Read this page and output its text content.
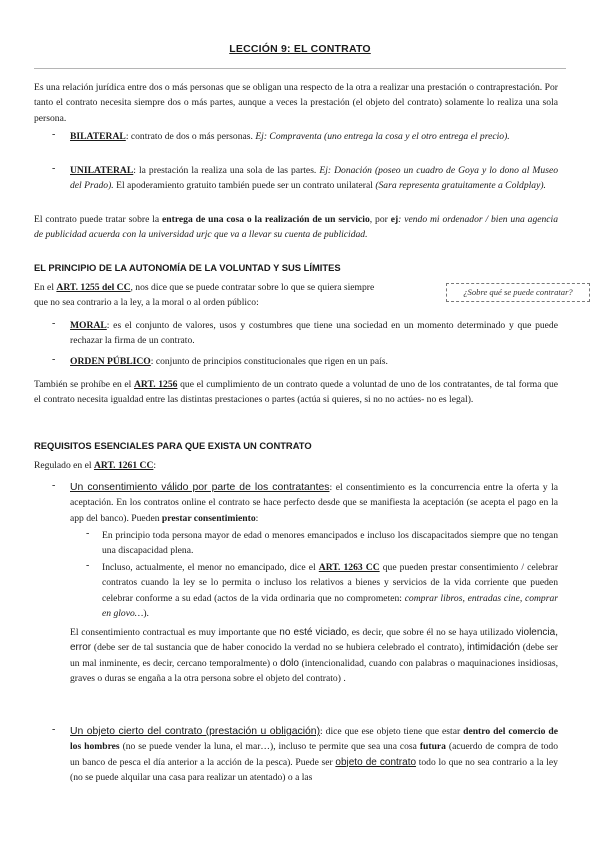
LECCIÓN 9: EL CONTRATO

Es una relación jurídica entre dos o más personas que se obligan una respecto de la otra a realizar una prestación o contraprestación. Por tanto el contrato necesita siempre dos o más partes, aunque a veces la prestación (el objeto del contrato) solamente lo realiza una sola persona.

- BILATERAL: contrato de dos o más personas. Ej: Compraventa (uno entrega la cosa y el otro entrega el precio).

- UNILATERAL: la prestación la realiza una sola de las partes. Ej: Donación (poseo un cuadro de Goya y lo dono al Museo del Prado). El apoderamiento gratuito también puede ser un contrato unilateral (Sara representa gratuitamente a Coldplay).

El contrato puede tratar sobre la entrega de una cosa o la realización de un servicio, por ej: vendo mi ordenador / bien una agencia de publicidad acuerda con la universidad urjc que va a llevar su cuenta de publicidad.

EL PRINCIPIO DE LA AUTONOMÍA DE LA VOLUNTAD Y SUS LÍMITES

En el ART. 1255 del CC, nos dice que se puede contratar sobre lo que se quiera siempre
que no sea contrario a la ley, a la moral o al orden público:

¿Sobre qué se puede contratar?
- MORAL: es el conjunto de valores, usos y costumbres que tiene una sociedad en un momento determinado y que puede rechazar la firma de un contrato.

- ORDEN PÚBLICO: conjunto de principios constitucionales que rigen en un país.

También se prohíbe en el ART. 1256 que el cumplimiento de un contrato quede a voluntad de uno de los contratantes, de tal forma que el contrato necesita igualdad entre las distintas prestaciones o partes (actúa si quieres, si no no actúes- no es legal).

REQUISITOS ESENCIALES PARA QUE EXISTA UN CONTRATO

Regulado en el ART. 1261 CC:

- Un consentimiento válido por parte de los contratantes: el consentimiento es la concurrencia entre la oferta y la aceptación. En los contratos online el contrato se hace perfecto desde que se manifiesta la aceptación (se acepta el pago en la app del banco). Pueden prestar consentimiento:

- En principio toda persona mayor de edad o menores emancipados e incluso los discapacitados siempre que no tengan una discapacidad plena.

- Incluso, actualmente, el menor no emancipado, dice el ART. 1263 CC que pueden prestar consentimiento / celebrar contratos cuando la ley se lo permita o incluso los relativos a bienes y servicios de la vida corriente que pueden celebrar conforme a su edad (actos de la vida ordinaria que no comprometen: comprar libros, entradas cine, comprar en glovo…).

El consentimiento contractual es muy importante que no esté viciado, es decir, que sobre él no se haya utilizado violencia, error (debe ser de tal sustancia que de haber conocido la verdad no se hubiera celebrado el contrato), intimidación (debe ser un mal inminente, es decir, cercano temporalmente) o dolo (intencionalidad, cuando con palabras o maquinaciones insidiosas, graves o duras se engaña a la otra persona sobre el objeto del contrato) .

- Un objeto cierto del contrato (prestación u obligación): dice que ese objeto tiene que estar dentro del comercio de los hombres (no se puede vender la luna, el mar…), incluso te permite que sea una cosa futura (acuerdo de compra de todo un banco de pesca el día anterior a la acción de la pesca). Puede ser objeto de contrato todo lo que no sea contrario a la ley (no se puede alquilar una casa para realizar un atentado) o a las
